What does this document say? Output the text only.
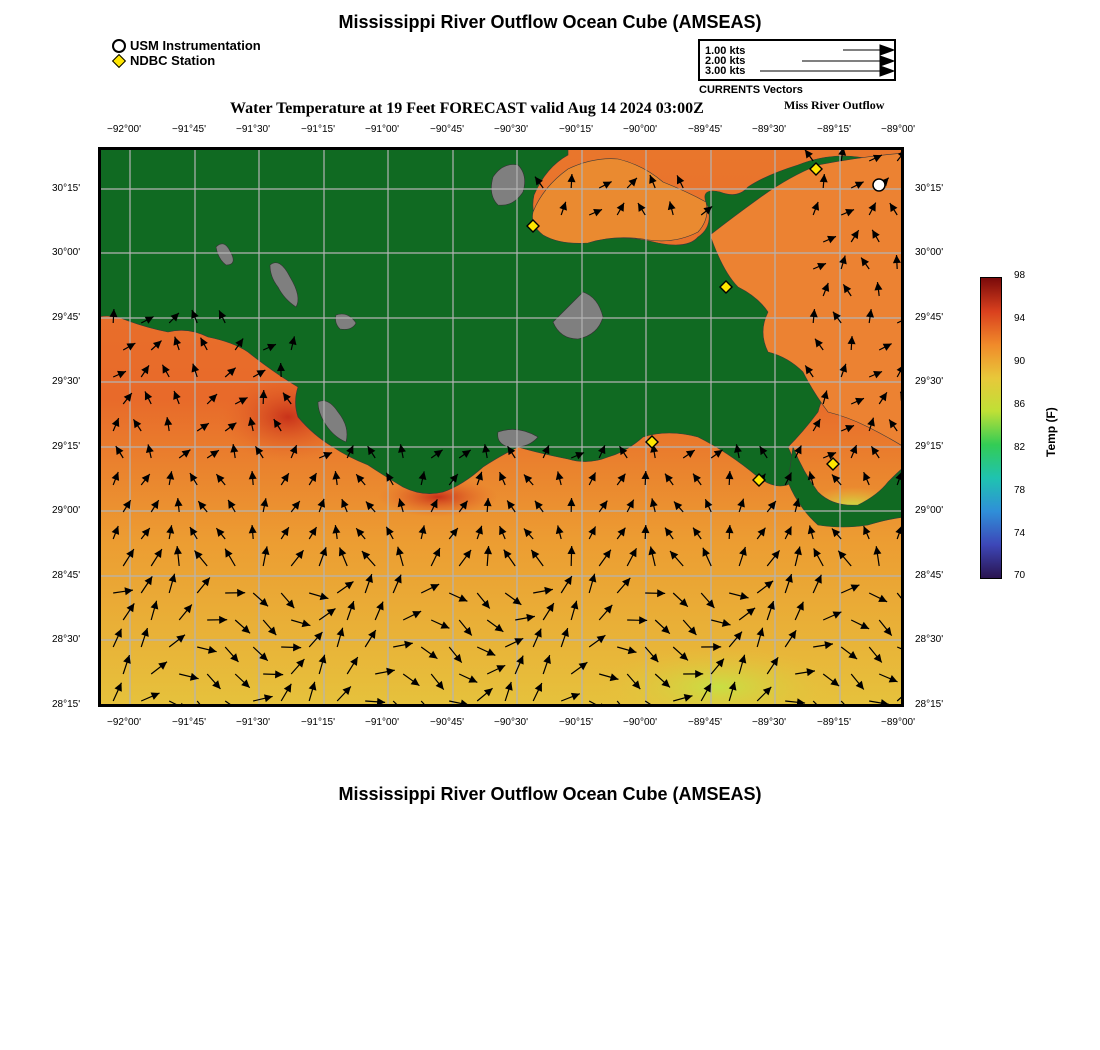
Mississippi River Outflow Ocean Cube (AMSEAS)
USM Instrumentation
NDBC Station
1.00 kts
2.00 kts
3.00 kts
CURRENTS Vectors
Water Temperature at 19 Feet FORECAST valid Aug 14 2024 03:00Z	Miss River Outflow
−92°00'	−91°45'	−91°30'	−91°15'	−91°00'	−90°45'	−90°30'	−90°15'	−90°00'	−89°45'	−89°30'	−89°15'	−89°00'
−92°00'	−91°45'	−91°30'	−91°15'	−91°00'	−90°45'	−90°30'	−90°15'	−90°00'	−89°45'	−89°30'	−89°15'	−89°00'
30°15'
30°00'
29°45'
29°30'
29°15'
29°00'
28°45'
28°30'
28°15'
30°15'
30°00'
29°45'
29°30'
29°15'
29°00'
28°45'
28°30'
28°15'
98
94
90
86
82
78
74
70
Temp (F)
Mississippi River Outflow Ocean Cube (AMSEAS)
